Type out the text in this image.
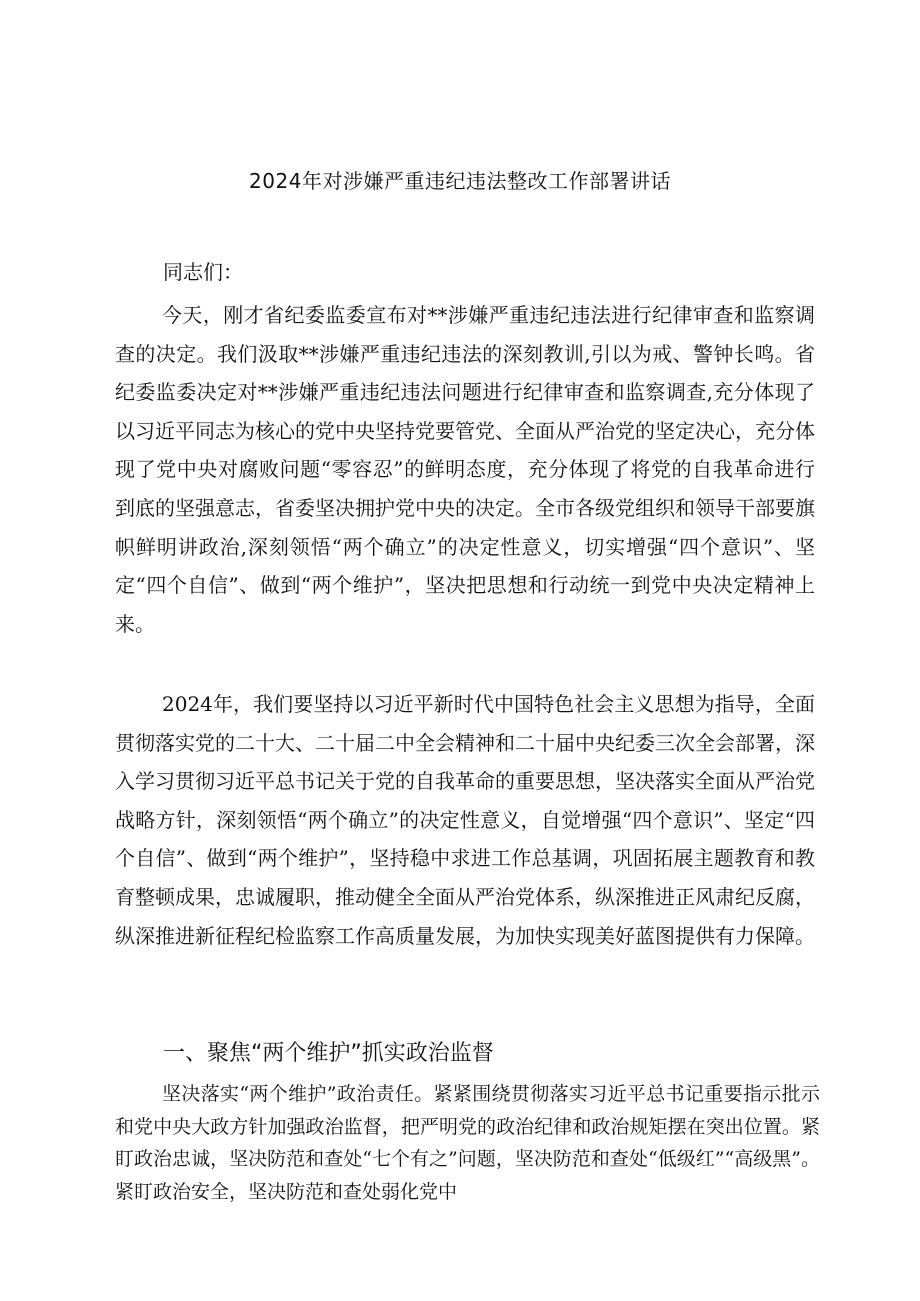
2024年对涉嫌严重违纪违法整改工作部署讲话
同志们：

今天，刚才省纪委监委宣布对**涉嫌严重违纪违法进行纪律审查和监察调查的决定。我们汲取**涉嫌严重违纪违法的深刻教训,引以为戒、警钟长鸣。省纪委监委决定对**涉嫌严重违纪违法问题进行纪律审查和监察调查,充分体现了以习近平同志为核心的党中央坚持党要管党、全面从严治党的坚定决心，充分体现了党中央对腐败问题“零容忍”的鲜明态度，充分体现了将党的自我革命进行到底的坚强意志，省委坚决拥护党中央的决定。全市各级党组织和领导干部要旗帜鲜明讲政治,深刻领悟“两个确立”的决定性意义，切实增强“四个意识”、坚定“四个自信”、做到“两个维护”，坚决把思想和行动统一到党中央决定精神上来。

2024年，我们要坚持以习近平新时代中国特色社会主义思想为指导，全面贯彻落实党的二十大、二十届二中全会精神和二十届中央纪委三次全会部署，深入学习贯彻习近平总书记关于党的自我革命的重要思想，坚决落实全面从严治党战略方针，深刻领悟“两个确立”的决定性意义，自觉增强“四个意识”、坚定“四个自信”、做到“两个维护”，坚持稳中求进工作总基调，巩固拓展主题教育和教育整顿成果，忠诚履职，推动健全全面从严治党体系，纵深推进正风肃纪反腐，纵深推进新征程纪检监察工作高质量发展，为加快实现美好蓝图提供有力保障。

一、聚焦“两个维护”抓实政治监督

坚决落实“两个维护”政治责任。紧紧围绕贯彻落实习近平总书记重要指示批示和党中央大政方针加强政治监督，把严明党的政治纪律和政治规矩摆在突出位置。紧盯政治忠诚，坚决防范和查处“七个有之”问题，坚决防范和查处“低级红”“高级黑”。紧盯政治安全，坚决防范和查处弱化党中
